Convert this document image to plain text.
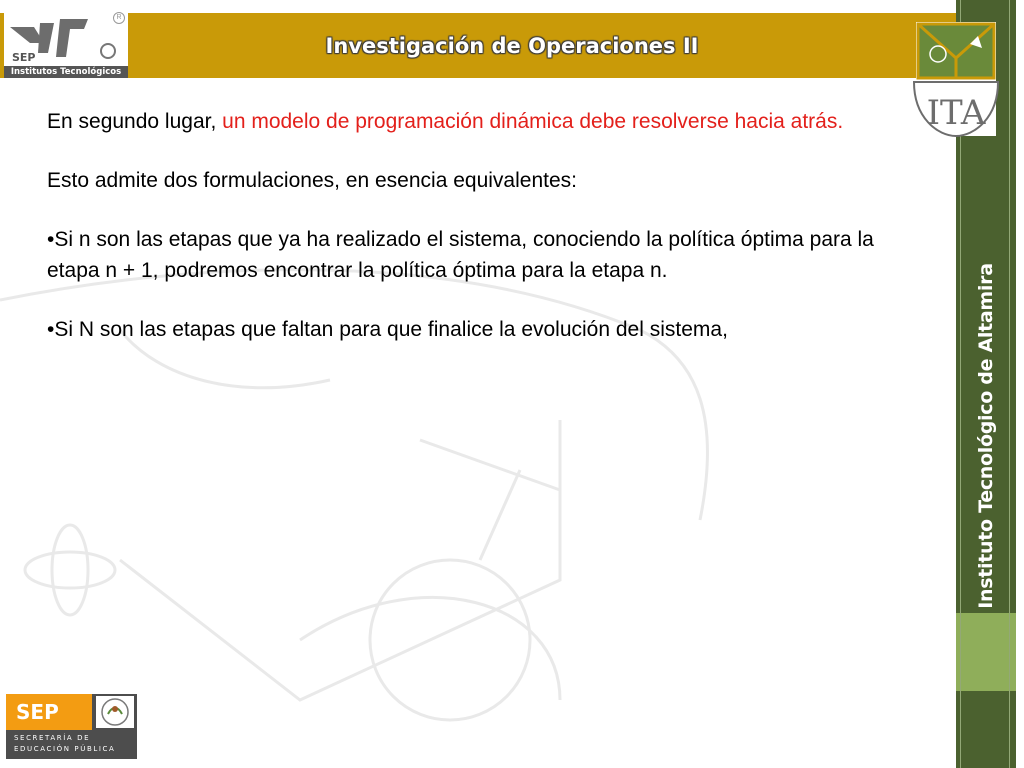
Investigación de Operaciones II
SEP
R
Institutos Tecnológicos
Instituto Tecnológico de Altamira
ITA

En segundo lugar, un modelo de programación dinámica debe resolverse hacia atrás.

Esto admite dos formulaciones, en esencia equivalentes:

•Si n son las etapas que ya ha realizado el sistema, conociendo la política óptima para la etapa n + 1, podremos encontrar la política óptima para la etapa n.

•Si N son las etapas que faltan para que finalice la evolución del sistema,

SEP
SECRETARÍA DE
EDUCACIÓN PÚBLICA
